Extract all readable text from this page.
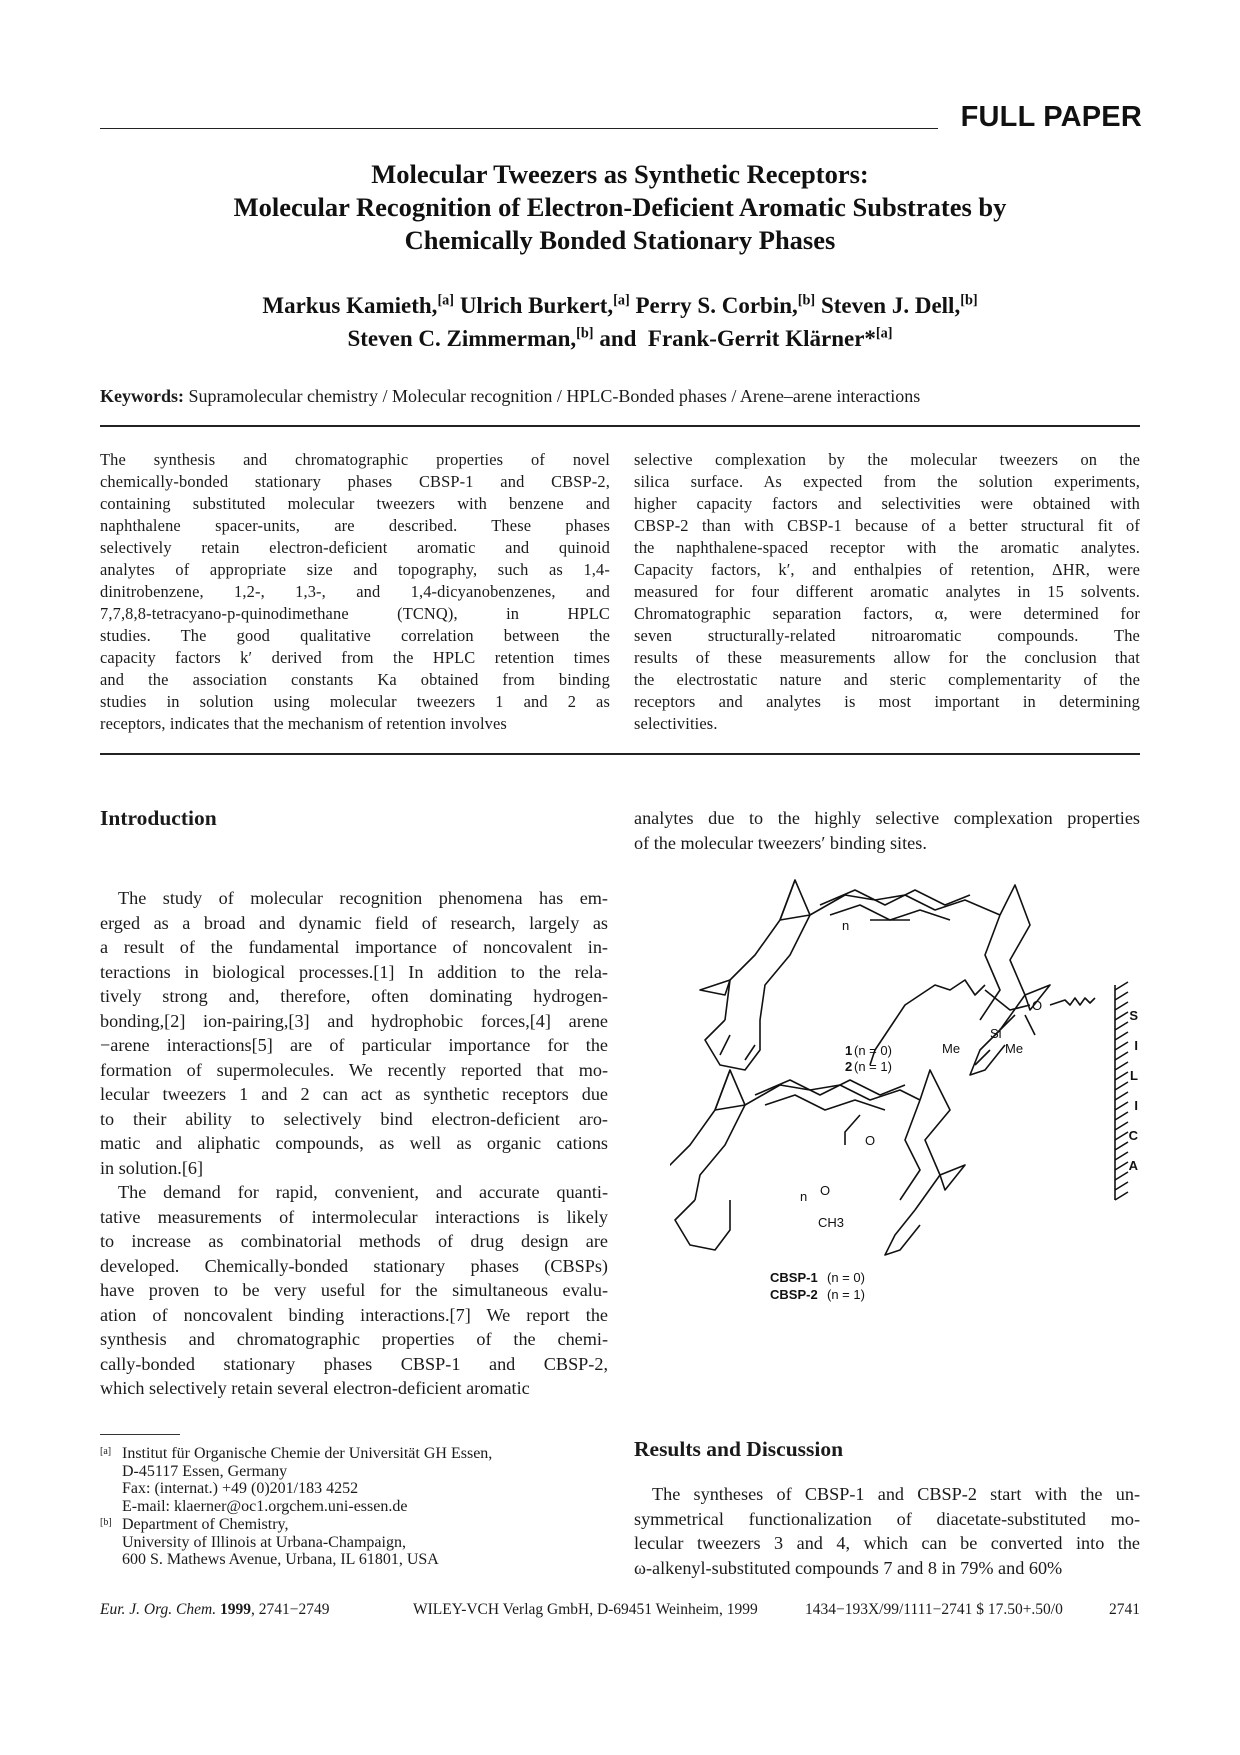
FULL PAPER
Molecular Tweezers as Synthetic Receptors:
Molecular Recognition of Electron-Deficient Aromatic Substrates by
Chemically Bonded Stationary Phases
Markus Kamieth,[a] Ulrich Burkert,[a] Perry S. Corbin,[b] Steven J. Dell,[b]
Steven C. Zimmerman,[b] and Frank-Gerrit Klärner*[a]
Keywords: Supramolecular chemistry / Molecular recognition / HPLC-Bonded phases / Arene–arene interactions
The synthesis and chromatographic properties of novel
chemically-bonded stationary phases CBSP-1 and CBSP-2,
containing substituted molecular tweezers with benzene and
naphthalene spacer-units, are described. These phases
selectively retain electron-deficient aromatic and quinoid
analytes of appropriate size and topography, such as 1,4-
dinitrobenzene, 1,2-, 1,3-, and 1,4-dicyanobenzenes, and
7,7,8,8-tetracyano-p-quinodimethane (TCNQ), in HPLC
studies. The good qualitative correlation between the
capacity factors k′ derived from the HPLC retention times
and the association constants Ka obtained from binding
studies in solution using molecular tweezers 1 and 2 as
receptors, indicates that the mechanism of retention involves
selective complexation by the molecular tweezers on the
silica surface. As expected from the solution experiments,
higher capacity factors and selectivities were obtained with
CBSP-2 than with CBSP-1 because of a better structural fit of
the naphthalene-spaced receptor with the aromatic analytes.
Capacity factors, k′, and enthalpies of retention, ΔHR, were
measured for four different aromatic analytes in 15 solvents.
Chromatographic separation factors, α, were determined for
seven structurally-related nitroaromatic compounds. The
results of these measurements allow for the conclusion that
the electrostatic nature and steric complementarity of the
receptors and analytes is most important in determining
selectivities.
Introduction	analytes due to the highly selective complexation properties
of the molecular tweezers′ binding sites.
The study of molecular recognition phenomena has em-
erged as a broad and dynamic field of research, largely as
a result of the fundamental importance of noncovalent in-
teractions in biological processes.[1] In addition to the rela-
tively strong and, therefore, often dominating hydrogen-
bonding,[2] ion-pairing,[3] and hydrophobic forces,[4] arene
−arene interactions[5] are of particular importance for the
formation of supermolecules. We recently reported that mo-
lecular tweezers 1 and 2 can act as synthetic receptors due
to their ability to selectively bind electron-deficient aro-
matic and aliphatic compounds, as well as organic cations
in solution.[6]
The demand for rapid, convenient, and accurate quanti-
tative measurements of intermolecular interactions is likely
to increase as combinatorial methods of drug design are
developed. Chemically-bonded stationary phases (CBSPs)
have proven to be very useful for the simultaneous evalu-
ation of noncovalent binding interactions.[7] We report the
synthesis and chromatographic properties of the chemi-
cally-bonded stationary phases CBSP-1 and CBSP-2,
which selectively retain several electron-deficient aromatic
n
1 (n = 0)
2 (n = 1)
O
n O
CH3
Si
Me	Me
O
S
I
L
I
C
A
CBSP-1 (n = 0)
CBSP-2 (n = 1)
Results and Discussion
The syntheses of CBSP-1 and CBSP-2 start with the un-
symmetrical functionalization of diacetate-substituted mo-
lecular tweezers 3 and 4, which can be converted into the
ω-alkenyl-substituted compounds 7 and 8 in 79% and 60%
[a] Institut für Organische Chemie der Universität GH Essen,
D-45117 Essen, Germany
Fax: (internat.) +49 (0)201/183 4252
E-mail: klaerner@oc1.orgchem.uni-essen.de
[b] Department of Chemistry,
University of Illinois at Urbana-Champaign,
600 S. Mathews Avenue, Urbana, IL 61801, USA
Eur. J. Org. Chem. 1999, 2741−2749	WILEY-VCH Verlag GmbH, D-69451 Weinheim, 1999	1434−193X/99/1111−2741 $ 17.50+.50/0	2741
